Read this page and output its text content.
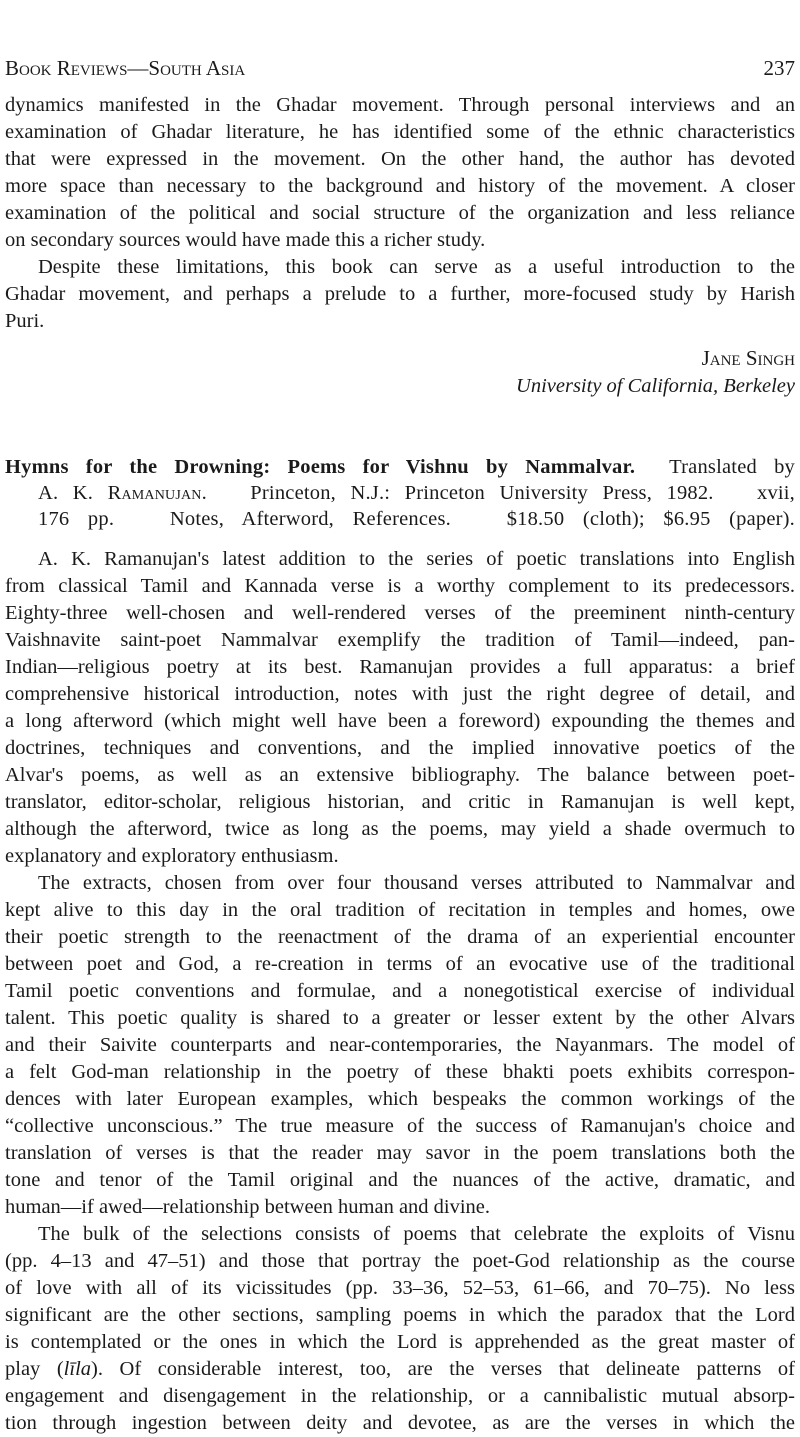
Book Reviews—South Asia	237
dynamics manifested in the Ghadar movement. Through personal interviews and an
examination of Ghadar literature, he has identified some of the ethnic characteristics
that were expressed in the movement. On the other hand, the author has devoted
more space than necessary to the background and history of the movement. A closer
examination of the political and social structure of the organization and less reliance
on secondary sources would have made this a richer study.
Despite these limitations, this book can serve as a useful introduction to the
Ghadar movement, and perhaps a prelude to a further, more-focused study by Harish
Puri.
Jane Singh
University of California, Berkeley
Hymns for the Drowning: Poems for Vishnu by Nammalvar.  Translated by
A. K. Ramanujan.   Princeton, N.J.: Princeton University Press, 1982.   xvii,
176 pp.   Notes, Afterword, References.   $18.50 (cloth); $6.95 (paper).
A. K. Ramanujan's latest addition to the series of poetic translations into English
from classical Tamil and Kannada verse is a worthy complement to its predecessors.
Eighty-three well-chosen and well-rendered verses of the preeminent ninth-century
Vaishnavite saint-poet Nammalvar exemplify the tradition of Tamil—indeed, pan-
Indian—religious poetry at its best. Ramanujan provides a full apparatus: a brief
comprehensive historical introduction, notes with just the right degree of detail, and
a long afterword (which might well have been a foreword) expounding the themes and
doctrines, techniques and conventions, and the implied innovative poetics of the
Alvar's poems, as well as an extensive bibliography. The balance between poet-
translator, editor-scholar, religious historian, and critic in Ramanujan is well kept,
although the afterword, twice as long as the poems, may yield a shade overmuch to
explanatory and exploratory enthusiasm.
The extracts, chosen from over four thousand verses attributed to Nammalvar and
kept alive to this day in the oral tradition of recitation in temples and homes, owe
their poetic strength to the reenactment of the drama of an experiential encounter
between poet and God, a re-creation in terms of an evocative use of the traditional
Tamil poetic conventions and formulae, and a nonegotistical exercise of individual
talent. This poetic quality is shared to a greater or lesser extent by the other Alvars
and their Saivite counterparts and near-contemporaries, the Nayanmars. The model of
a felt God-man relationship in the poetry of these bhakti poets exhibits correspon-
dences with later European examples, which bespeaks the common workings of the
“collective unconscious.” The true measure of the success of Ramanujan's choice and
translation of verses is that the reader may savor in the poem translations both the
tone and tenor of the Tamil original and the nuances of the active, dramatic, and
human—if awed—relationship between human and divine.
The bulk of the selections consists of poems that celebrate the exploits of Visnu
(pp. 4–13 and 47–51) and those that portray the poet-God relationship as the course
of love with all of its vicissitudes (pp. 33–36, 52–53, 61–66, and 70–75). No less
significant are the other sections, sampling poems in which the paradox that the Lord
is contemplated or the ones in which the Lord is apprehended as the great master of
play (līla). Of considerable interest, too, are the verses that delineate patterns of
engagement and disengagement in the relationship, or a cannibalistic mutual absorp-
tion through ingestion between deity and devotee, as are the verses in which the
